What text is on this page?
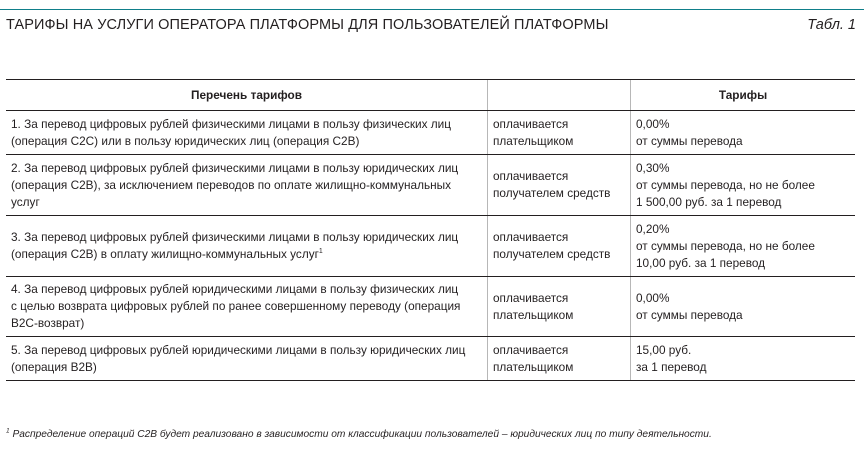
ТАРИФЫ НА УСЛУГИ ОПЕРАТОРА ПЛАТФОРМЫ ДЛЯ ПОЛЬЗОВАТЕЛЕЙ ПЛАТФОРМЫ	Табл. 1
Перечень тарифов	Тарифы
1. За перевод цифровых рублей физическими лицами в пользу физических лиц
(операция С2С) или в пользу юридических лиц (операция С2В)
оплачивается
плательщиком
0,00%
от суммы перевода
2. За перевод цифровых рублей физическими лицами в пользу юридических лиц
(операция С2В), за исключением переводов по оплате жилищно-коммунальных
услуг
оплачивается
получателем средств
0,30%
от суммы перевода, но не более
1 500,00 руб. за 1 перевод
3. За перевод цифровых рублей физическими лицами в пользу юридических лиц
(операция С2В) в оплату жилищно-коммунальных услуг$^1$
оплачивается
получателем средств
0,20%
от суммы перевода, но не более
10,00 руб. за 1 перевод
4. За перевод цифровых рублей юридическими лицами в пользу физических лиц
с целью возврата цифровых рублей по ранее совершенному переводу (операция
В2С-возврат)
оплачивается
плательщиком
0,00%
от суммы перевода
5. За перевод цифровых рублей юридическими лицами в пользу юридических лиц
(операция В2В)
оплачивается
плательщиком
15,00 руб.
за 1 перевод
$^1$ Распределение операций С2В будет реализовано в зависимости от классификации пользователей – юридических лиц по типу деятельности.
